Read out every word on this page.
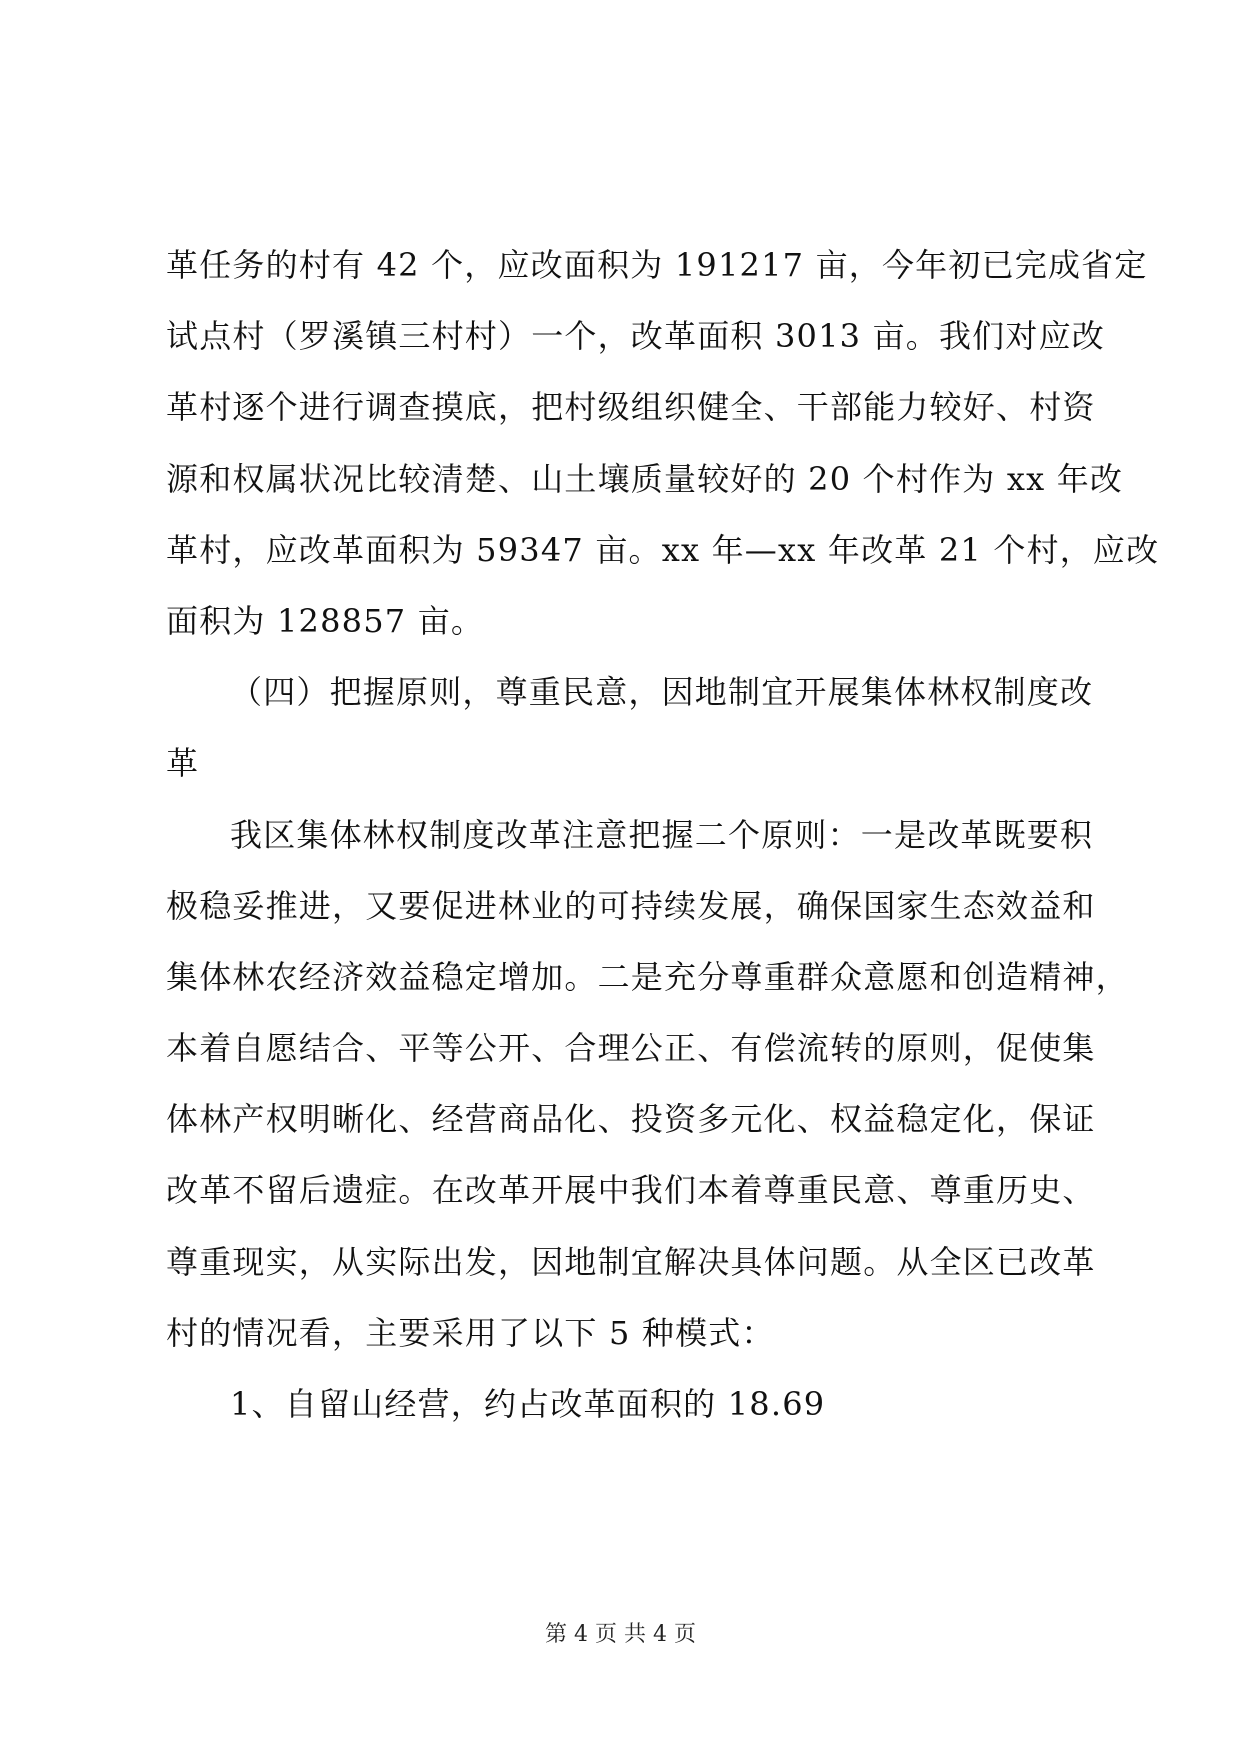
革任务的村有 42 个，应改面积为 191217 亩，今年初已完成省定
试点村（罗溪镇三村村）一个，改革面积 3013 亩。我们对应改
革村逐个进行调查摸底，把村级组织健全、干部能力较好、村资
源和权属状况比较清楚、山土壤质量较好的 20 个村作为 xx 年改
革村，应改革面积为 59347 亩。xx 年—xx 年改革 21 个村，应改
面积为 128857 亩。
（四）把握原则，尊重民意，因地制宜开展集体林权制度改
革
我区集体林权制度改革注意把握二个原则：一是改革既要积
极稳妥推进，又要促进林业的可持续发展，确保国家生态效益和
集体林农经济效益稳定增加。二是充分尊重群众意愿和创造精神，
本着自愿结合、平等公开、合理公正、有偿流转的原则，促使集
体林产权明晰化、经营商品化、投资多元化、权益稳定化，保证
改革不留后遗症。在改革开展中我们本着尊重民意、尊重历史、
尊重现实，从实际出发，因地制宜解决具体问题。从全区已改革
村的情况看，主要采用了以下 5 种模式：
1、自留山经营，约占改革面积的 18.69
第 4 页 共 4 页
